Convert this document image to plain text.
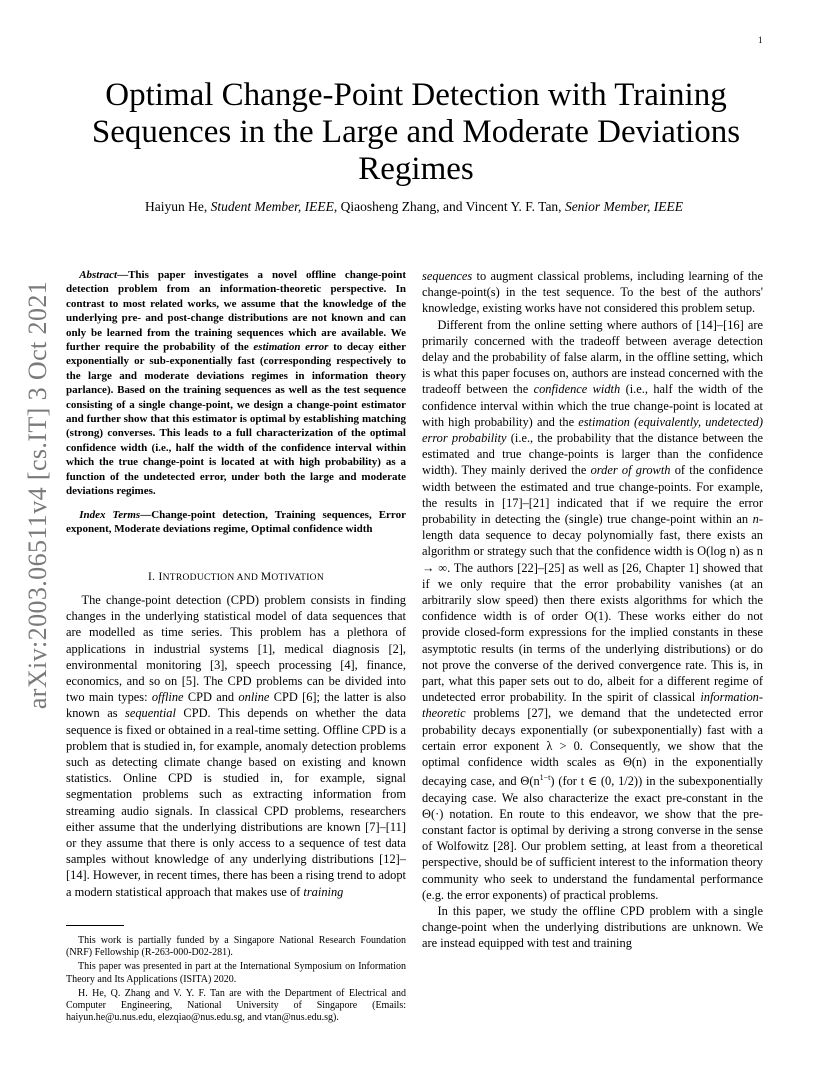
1
arXiv:2003.06511v4 [cs.IT] 3 Oct 2021
Optimal Change-Point Detection with Training Sequences in the Large and Moderate Deviations Regimes
Haiyun He, Student Member, IEEE, Qiaosheng Zhang, and Vincent Y. F. Tan, Senior Member, IEEE

Abstract—This paper investigates a novel offline change-point detection problem from an information-theoretic perspective. In contrast to most related works, we assume that the knowledge of the underlying pre- and post-change distributions are not known and can only be learned from the training sequences which are available. We further require the probability of the estimation error to decay either exponentially or sub-exponentially fast (corresponding respectively to the large and moderate deviations regimes in information theory parlance). Based on the training sequences as well as the test sequence consisting of a single change-point, we design a change-point estimator and further show that this estimator is optimal by establishing matching (strong) converses. This leads to a full characterization of the optimal confidence width (i.e., half the width of the confidence interval within which the true change-point is located at with high probability) as a function of the undetected error, under both the large and moderate deviations regimes.

Index Terms—Change-point detection, Training sequences, Error exponent, Moderate deviations regime, Optimal confidence width

I. INTRODUCTION AND MOTIVATION

The change-point detection (CPD) problem consists in finding changes in the underlying statistical model of data sequences that are modelled as time series. This problem has a plethora of applications in industrial systems [1], medical diagnosis [2], environmental monitoring [3], speech processing [4], finance, economics, and so on [5]. The CPD problems can be divided into two main types: offline CPD and online CPD [6]; the latter is also known as sequential CPD. This depends on whether the data sequence is fixed or obtained in a real-time setting. Offline CPD is a problem that is studied in, for example, anomaly detection problems such as detecting climate change based on existing and known statistics. Online CPD is studied in, for example, signal segmentation problems such as extracting information from streaming audio signals. In classical CPD problems, researchers either assume that the underlying distributions are known [7]–[11] or they assume that there is only access to a sequence of test data samples without knowledge of any underlying distributions [12]–[14]. However, in recent times, there has been a rising trend to adopt a modern statistical approach that makes use of training

This work is partially funded by a Singapore National Research Foundation (NRF) Fellowship (R-263-000-D02-281).

This paper was presented in part at the International Symposium on Information Theory and Its Applications (ISITA) 2020.

H. He, Q. Zhang and V. Y. F. Tan are with the Department of Electrical and Computer Engineering, National University of Singapore (Emails: haiyun.he@u.nus.edu, elezqiao@nus.edu.sg, and vtan@nus.edu.sg).

sequences to augment classical problems, including learning of the change-point(s) in the test sequence. To the best of the authors' knowledge, existing works have not considered this problem setup.

Different from the online setting where authors of [14]–[16] are primarily concerned with the tradeoff between average detection delay and the probability of false alarm, in the offline setting, which is what this paper focuses on, authors are instead concerned with the tradeoff between the confidence width (i.e., half the width of the confidence interval within which the true change-point is located at with high probability) and the estimation (equivalently, undetected) error probability (i.e., the probability that the distance between the estimated and true change-points is larger than the confidence width). They mainly derived the order of growth of the confidence width between the estimated and true change-points. For example, the results in [17]–[21] indicated that if we require the error probability in detecting the (single) true change-point within an n-length data sequence to decay polynomially fast, there exists an algorithm or strategy such that the confidence width is O(log n) as n → ∞. The authors [22]–[25] as well as [26, Chapter 1] showed that if we only require that the error probability vanishes (at an arbitrarily slow speed) then there exists algorithms for which the confidence width is of order O(1). These works either do not provide closed-form expressions for the implied constants in these asymptotic results (in terms of the underlying distributions) or do not prove the converse of the derived convergence rate. This is, in part, what this paper sets out to do, albeit for a different regime of undetected error probability. In the spirit of classical information-theoretic problems [27], we demand that the undetected error probability decays exponentially (or subexponentially) fast with a certain error exponent λ > 0. Consequently, we show that the optimal confidence width scales as Θ(n) in the exponentially decaying case, and $\Theta(n^{1-t})$ (for t ∈ (0, 1/2)) in the subexponentially decaying case. We also characterize the exact pre-constant in the Θ(·) notation. En route to this endeavor, we show that the pre-constant factor is optimal by deriving a strong converse in the sense of Wolfowitz [28]. Our problem setting, at least from a theoretical perspective, should be of sufficient interest to the information theory community who seek to understand the fundamental performance (e.g. the error exponents) of practical problems.

In this paper, we study the offline CPD problem with a single change-point when the underlying distributions are unknown. We are instead equipped with test and training
